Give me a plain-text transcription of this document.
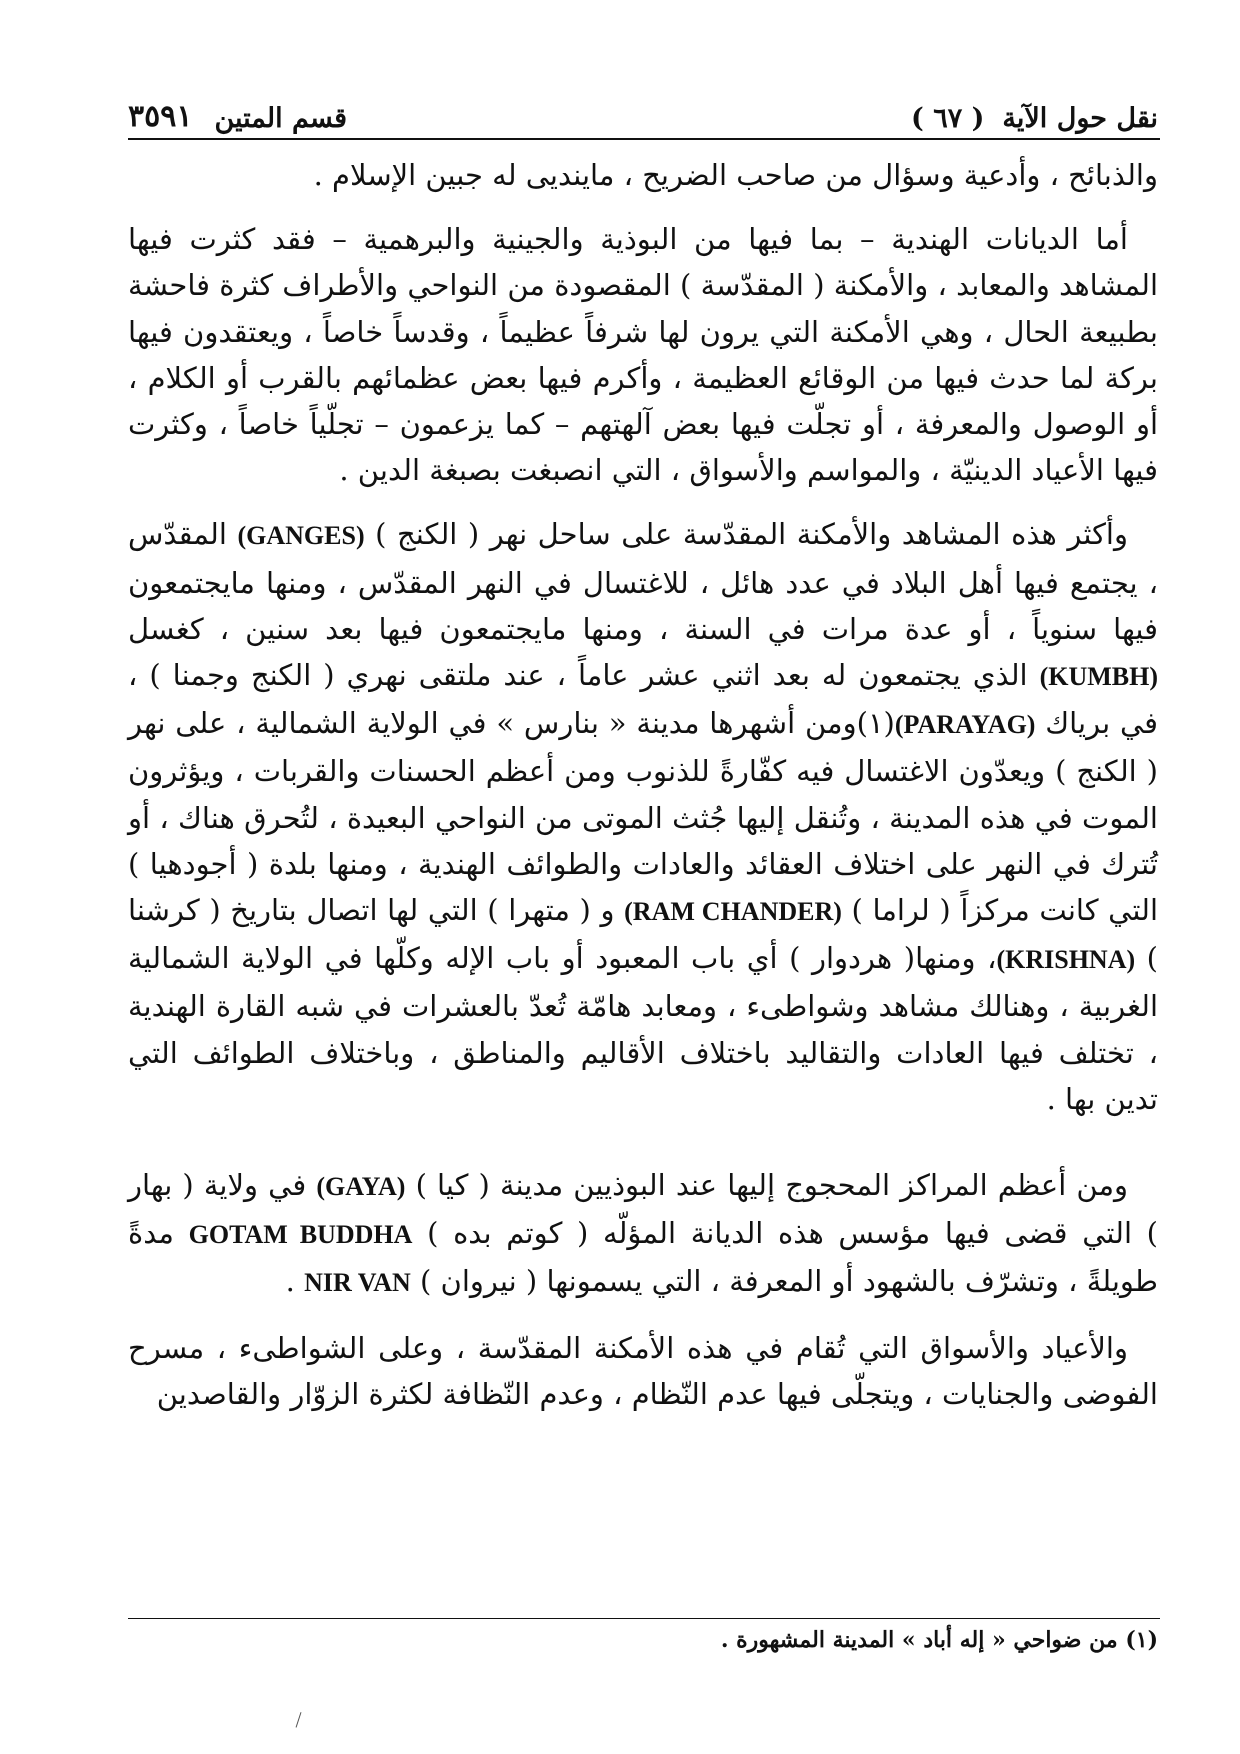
نقل حول الآية
( ٦٧ )
قسم المتين
٣٥٩١

والذبائح ، وأدعية وسؤال من صاحب الضريح ، ماينديى له جبين الإسلام .

أما الديانات الهندية – بما فيها من البوذية والجينية والبرهمية – فقد كثرت فيها المشاهد والمعابد ، والأمكنة ( المقدّسة ) المقصودة من النواحي والأطراف كثرة فاحشة بطبيعة الحال ، وهي الأمكنة التي يرون لها شرفاً عظيماً ، وقدساً خاصاً ، ويعتقدون فيها بركة لما حدث فيها من الوقائع العظيمة ، وأكرم فيها بعض عظمائهم بالقرب أو الكلام ، أو الوصول والمعرفة ، أو تجلّت فيها بعض آلهتهم – كما يزعمون – تجلّياً خاصاً ، وكثرت فيها الأعياد الدينيّة ، والمواسم والأسواق ، التي انصبغت بصبغة الدين .

وأكثر هذه المشاهد والأمكنة المقدّسة على ساحل نهر ( الكنج ) (GANGES) المقدّس ، يجتمع فيها أهل البلاد في عدد هائل ، للاغتسال في النهر المقدّس ، ومنها مايجتمعون فيها سنوياً ، أو عدة مرات في السنة ، ومنها مايجتمعون فيها بعد سنين ، كغسل (KUMBH) الذي يجتمعون له بعد اثني عشر عاماً ، عند ملتقى نهري ( الكنج وجمنا ) ، في برياك (PARAYAG)(١)ومن أشهرها مدينة « بنارس » في الولاية الشمالية ، على نهر ( الكنج ) ويعدّون الاغتسال فيه كفّارةً للذنوب ومن أعظم الحسنات والقربات ، ويؤثرون الموت في هذه المدينة ، وتُنقل إليها جُثث الموتى من النواحي البعيدة ، لتُحرق هناك ، أو تُترك في النهر على اختلاف العقائد والعادات والطوائف الهندية ، ومنها بلدة ( أجودهيا ) التي كانت مركزاً ( لراما ) (RAM CHANDER) و ( متهرا ) التي لها اتصال بتاريخ ( كرشنا ) (KRISHNA)، ومنها( هردوار ) أي باب المعبود أو باب الإله وكلّها في الولاية الشمالية الغربية ، وهنالك مشاهد وشواطىء ، ومعابد هامّة تُعدّ بالعشرات في شبه القارة الهندية ، تختلف فيها العادات والتقاليد باختلاف الأقاليم والمناطق ، وباختلاف الطوائف التي تدين بها .

ومن أعظم المراكز المحجوج إليها عند البوذيين مدينة ( كيا ) (GAYA) في ولاية ( بهار ) التي قضى فيها مؤسس هذه الديانة المؤلّه ( كوتم بده ) GOTAM BUDDHA مدةً طويلةً ، وتشرّف بالشهود أو المعرفة ، التي يسمونها ( نيروان ) NIR VAN .

والأعياد والأسواق التي تُقام في هذه الأمكنة المقدّسة ، وعلى الشواطىء ، مسرح الفوضى والجنايات ، ويتجلّى فيها عدم النّظام ، وعدم النّظافة لكثرة الزوّار والقاصدين

(١) من ضواحي « إله أباد » المدينة المشهورة .
